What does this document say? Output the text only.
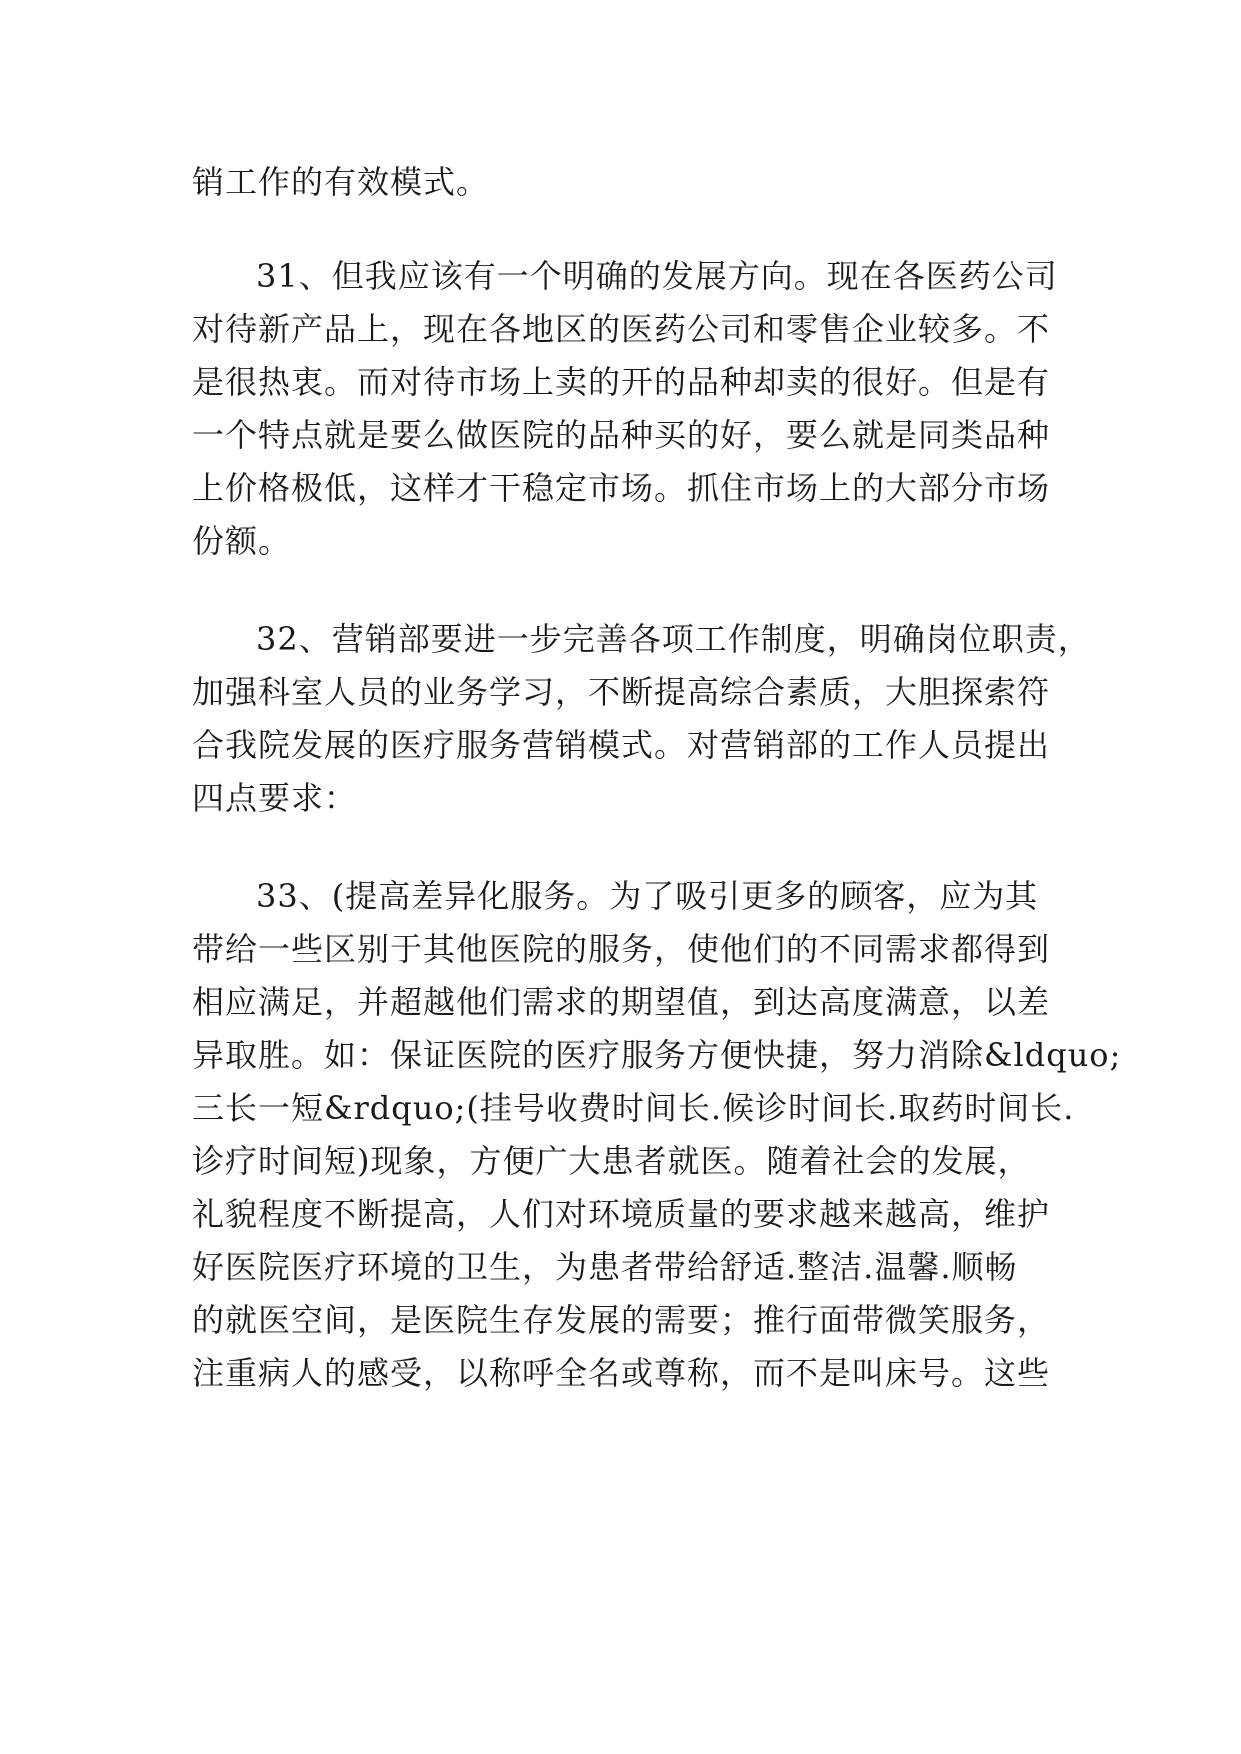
销工作的有效模式。

31、但我应该有一个明确的发展方向。现在各医药公司

对待新产品上，现在各地区的医药公司和零售企业较多。不

是很热衷。而对待市场上卖的开的品种却卖的很好。但是有

一个特点就是要么做医院的品种买的好，要么就是同类品种

上价格极低，这样才干稳定市场。抓住市场上的大部分市场

份额。

32、营销部要进一步完善各项工作制度，明确岗位职责，

加强科室人员的业务学习，不断提高综合素质，大胆探索符

合我院发展的医疗服务营销模式。对营销部的工作人员提出

四点要求：

33、(提高差异化服务。为了吸引更多的顾客，应为其

带给一些区别于其他医院的服务，使他们的不同需求都得到

相应满足，并超越他们需求的期望值，到达高度满意，以差

异取胜。如：保证医院的医疗服务方便快捷，努力消除&ldquo;

三长一短&rdquo;(挂号收费时间长.候诊时间长.取药时间长.

诊疗时间短)现象，方便广大患者就医。随着社会的发展，

礼貌程度不断提高，人们对环境质量的要求越来越高，维护

好医院医疗环境的卫生，为患者带给舒适.整洁.温馨.顺畅

的就医空间，是医院生存发展的需要；推行面带微笑服务，

注重病人的感受，以称呼全名或尊称，而不是叫床号。这些
